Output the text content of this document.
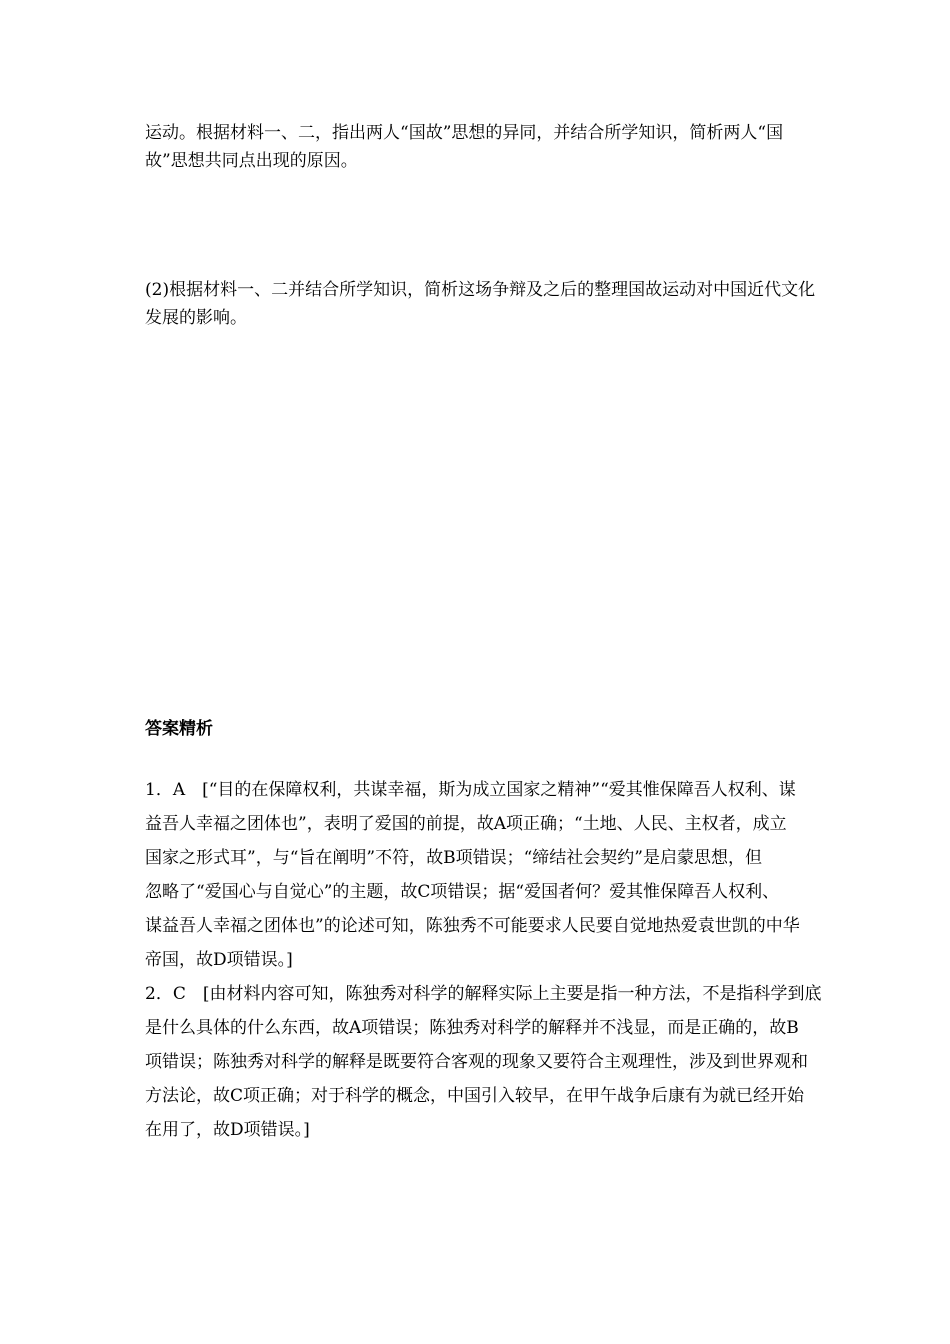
运动。根据材料一、二，指出两人“国故”思想的异同，并结合所学知识，简析两人“国
故”思想共同点出现的原因。
(2)根据材料一、二并结合所学知识，简析这场争辩及之后的整理国故运动对中国近代文化
发展的影响。
答案精析
1．A　[“目的在保障权利，共谋幸福，斯为成立国家之精神”“爱其惟保障吾人权利、谋
益吾人幸福之团体也”，表明了爱国的前提，故A项正确；“土地、人民、主权者，成立
国家之形式耳”，与“旨在阐明”不符，故B项错误；“缔结社会契约”是启蒙思想，但
忽略了“爱国心与自觉心”的主题，故C项错误；据“爱国者何？爱其惟保障吾人权利、
谋益吾人幸福之团体也”的论述可知，陈独秀不可能要求人民要自觉地热爱袁世凯的中华
帝国，故D项错误。]
2．C　[由材料内容可知，陈独秀对科学的解释实际上主要是指一种方法，不是指科学到底
是什么具体的什么东西，故A项错误；陈独秀对科学的解释并不浅显，而是正确的，故B
项错误；陈独秀对科学的解释是既要符合客观的现象又要符合主观理性，涉及到世界观和
方法论，故C项正确；对于科学的概念，中国引入较早，在甲午战争后康有为就已经开始
在用了，故D项错误。]
